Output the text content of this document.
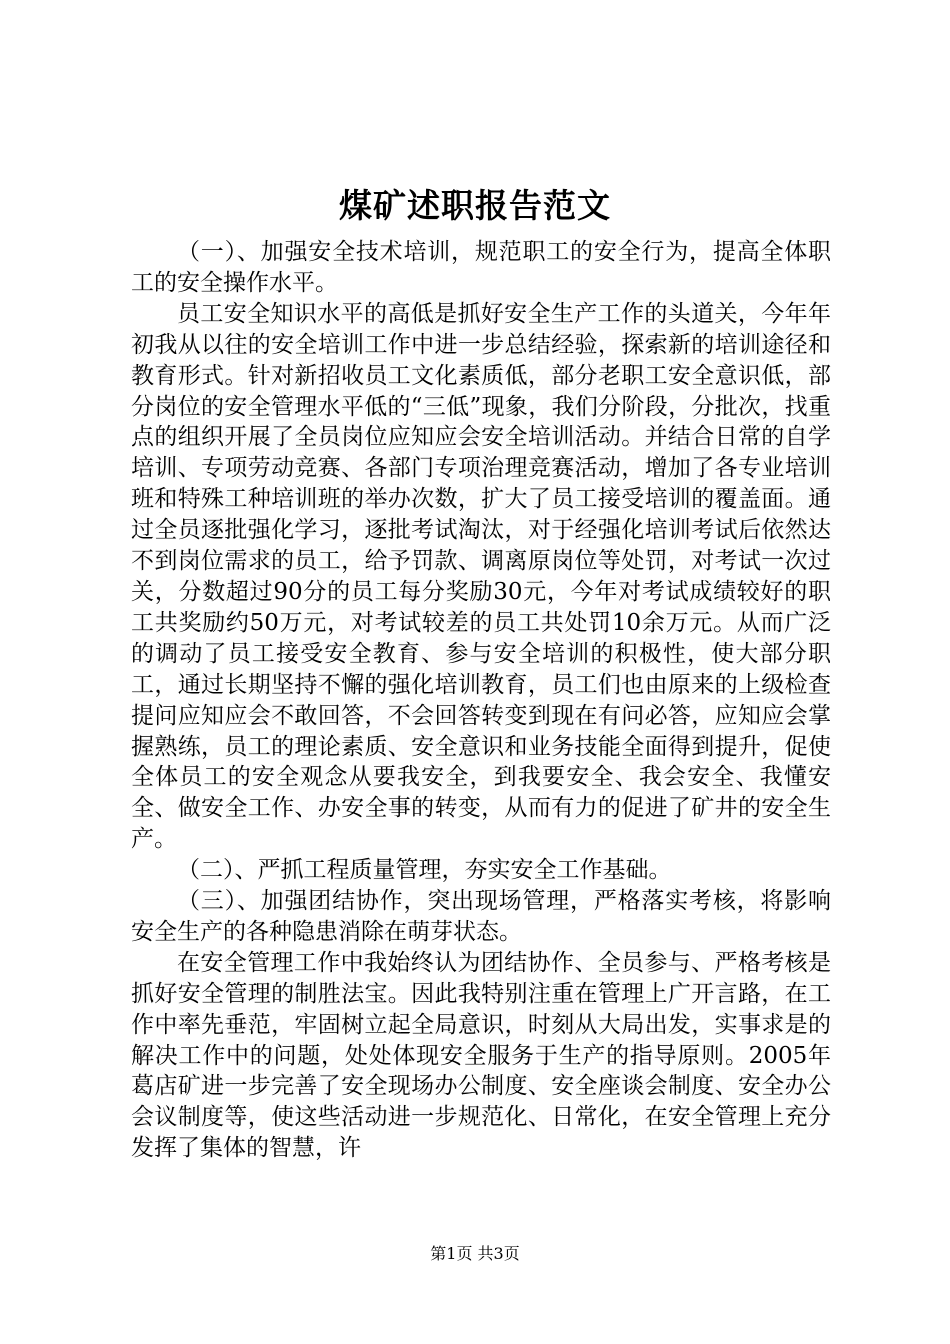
煤矿述职报告范文

（一）、加强安全技术培训，规范职工的安全行为，提高全体职工的安全操作水平。

员工安全知识水平的高低是抓好安全生产工作的头道关，今年年初我从以往的安全培训工作中进一步总结经验，探索新的培训途径和教育形式。针对新招收员工文化素质低，部分老职工安全意识低，部分岗位的安全管理水平低的“三低”现象，我们分阶段，分批次，找重点的组织开展了全员岗位应知应会安全培训活动。并结合日常的自学培训、专项劳动竞赛、各部门专项治理竞赛活动，增加了各专业培训班和特殊工种培训班的举办次数，扩大了员工接受培训的覆盖面。通过全员逐批强化学习，逐批考试淘汰，对于经强化培训考试后依然达不到岗位需求的员工，给予罚款、调离原岗位等处罚，对考试一次过关，分数超过90分的员工每分奖励30元，今年对考试成绩较好的职工共奖励约50万元，对考试较差的员工共处罚10余万元。从而广泛的调动了员工接受安全教育、参与安全培训的积极性，使大部分职工，通过长期坚持不懈的强化培训教育，员工们也由原来的上级检查提问应知应会不敢回答，不会回答转变到现在有问必答，应知应会掌握熟练，员工的理论素质、安全意识和业务技能全面得到提升，促使全体员工的安全观念从要我安全，到我要安全、我会安全、我懂安全、做安全工作、办安全事的转变，从而有力的促进了矿井的安全生产。

（二）、严抓工程质量管理，夯实安全工作基础。

（三）、加强团结协作，突出现场管理，严格落实考核，将影响安全生产的各种隐患消除在萌芽状态。

在安全管理工作中我始终认为团结协作、全员参与、严格考核是抓好安全管理的制胜法宝。因此我特别注重在管理上广开言路，在工作中率先垂范，牢固树立起全局意识，时刻从大局出发，实事求是的解决工作中的问题，处处体现安全服务于生产的指导原则。2005年葛店矿进一步完善了安全现场办公制度、安全座谈会制度、安全办公会议制度等，使这些活动进一步规范化、日常化，在安全管理上充分发挥了集体的智慧，许

第1页 共3页
